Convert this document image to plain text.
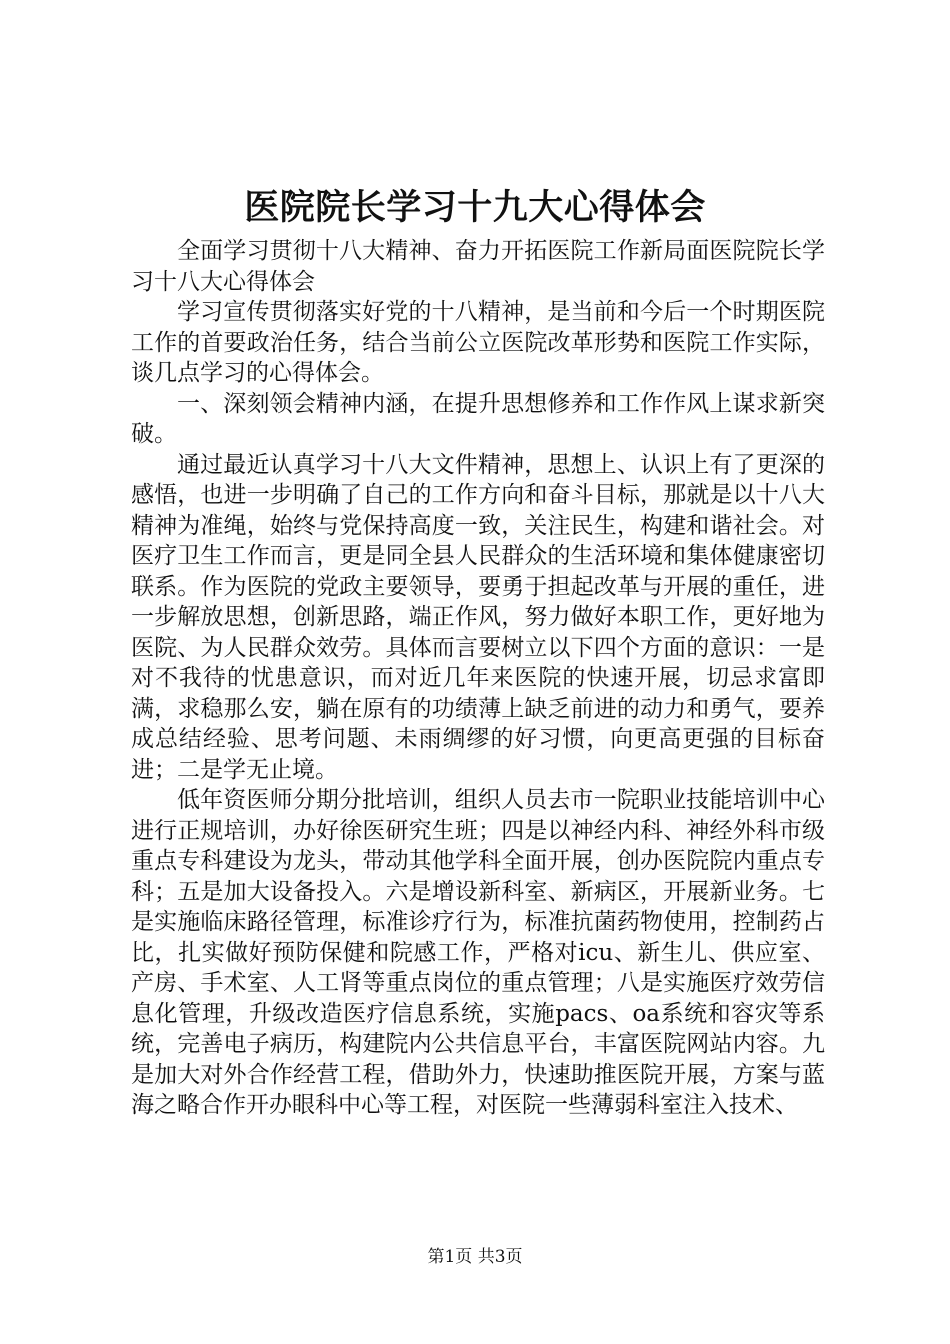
医院院长学习十九大心得体会

全面学习贯彻十八大精神、奋力开拓医院工作新局面医院院长学习十八大心得体会

学习宣传贯彻落实好党的十八精神，是当前和今后一个时期医院工作的首要政治任务，结合当前公立医院改革形势和医院工作实际，谈几点学习的心得体会。

一、深刻领会精神内涵，在提升思想修养和工作作风上谋求新突破。

通过最近认真学习十八大文件精神，思想上、认识上有了更深的感悟，也进一步明确了自己的工作方向和奋斗目标，那就是以十八大精神为准绳，始终与党保持高度一致，关注民生，构建和谐社会。对医疗卫生工作而言，更是同全县人民群众的生活环境和集体健康密切联系。作为医院的党政主要领导，要勇于担起改革与开展的重任，进一步解放思想，创新思路，端正作风，努力做好本职工作，更好地为医院、为人民群众效劳。具体而言要树立以下四个方面的意识：一是对不我待的忧患意识，而对近几年来医院的快速开展，切忌求富即满，求稳那么安，躺在原有的功绩薄上缺乏前进的动力和勇气，要养成总结经验、思考问题、未雨绸缪的好习惯，向更高更强的目标奋进；二是学无止境。

低年资医师分期分批培训，组织人员去市一院职业技能培训中心进行正规培训，办好徐医研究生班；四是以神经内科、神经外科市级重点专科建设为龙头，带动其他学科全面开展，创办医院院内重点专科；五是加大设备投入。六是增设新科室、新病区，开展新业务。七是实施临床路径管理，标准诊疗行为，标准抗菌药物使用，控制药占比，扎实做好预防保健和院感工作，严格对icu、新生儿、供应室、产房、手术室、人工肾等重点岗位的重点管理；八是实施医疗效劳信息化管理，升级改造医疗信息系统，实施pacs、oa系统和容灾等系统，完善电子病历，构建院内公共信息平台，丰富医院网站内容。九是加大对外合作经营工程，借助外力，快速助推医院开展，方案与蓝海之略合作开办眼科中心等工程，对医院一些薄弱科室注入技术、

第1页 共3页
